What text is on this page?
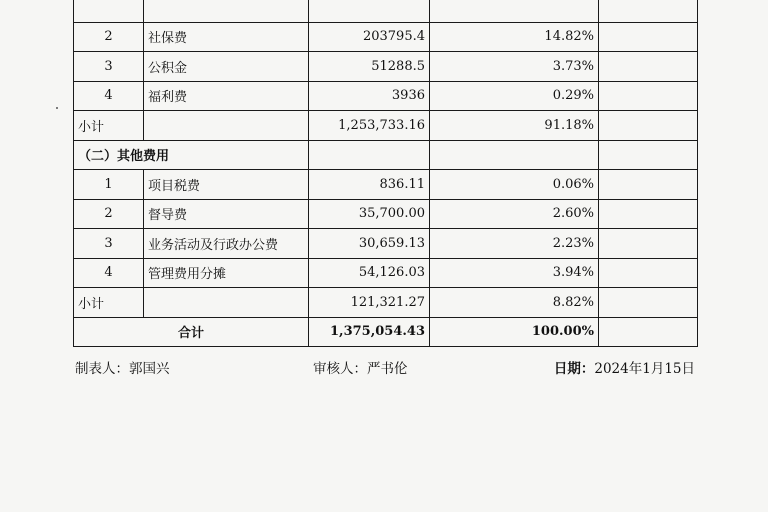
2	社保费	203795.4	14.82%	
3	公积金	51288.5	3.73%	
4	福利费	3936	0.29%	
小计		1,253,733.16	91.18%	
（二）其他费用				
1	项目税费	836.11	0.06%	
2	督导费	35,700.00	2.60%	
3	业务活动及行政办公费	30,659.13	2.23%	
4	管理费用分摊	54,126.03	3.94%	
小计		121,321.27	8.82%	
合计		1,375,054.43	100.00%	
制表人：郭国兴	审核人：严书伦	日期：2024年1月15日
